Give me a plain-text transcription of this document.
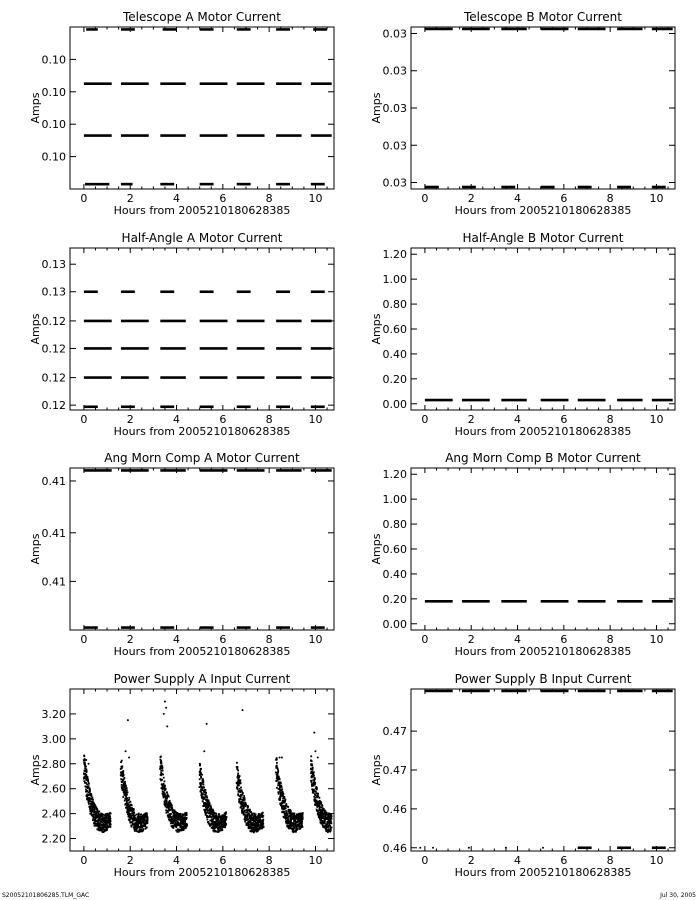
Telescope A Motor Current
0	2	4	6	8	10
0.10
0.10
0.10
0.10
Hours from 2005210180628385
Amps
Telescope B Motor Current
0	2	4	6	8	10
0.03
0.03
0.03
0.03
0.03
Hours from 2005210180628385
Amps
Half-Angle A Motor Current
0	2	4	6	8	10
0.12
0.12
0.12
0.12
0.13
0.13
Hours from 2005210180628385
Amps
Half-Angle B Motor Current
0	2	4	6	8	10
0.00
0.20
0.40
0.60
0.80
1.00
1.20
Hours from 2005210180628385
Amps
Ang Morn Comp A Motor Current
0	2	4	6	8	10
0.41
0.41
0.41
Hours from 2005210180628385
Amps
Ang Morn Comp B Motor Current
0	2	4	6	8	10
0.00
0.20
0.40
0.60
0.80
1.00
1.20
Hours from 2005210180628385
Amps
Power Supply A Input Current
0	2	4	6	8	10
2.20
2.40
2.60
2.80
3.00
3.20
Hours from 2005210180628385
Amps
Power Supply B Input Current
0	2	4	6	8	10
0.46
0.46
0.47
0.47
Hours from 2005210180628385
Amps
S20052101806285.TLM_GAC	Jul 30, 2005
